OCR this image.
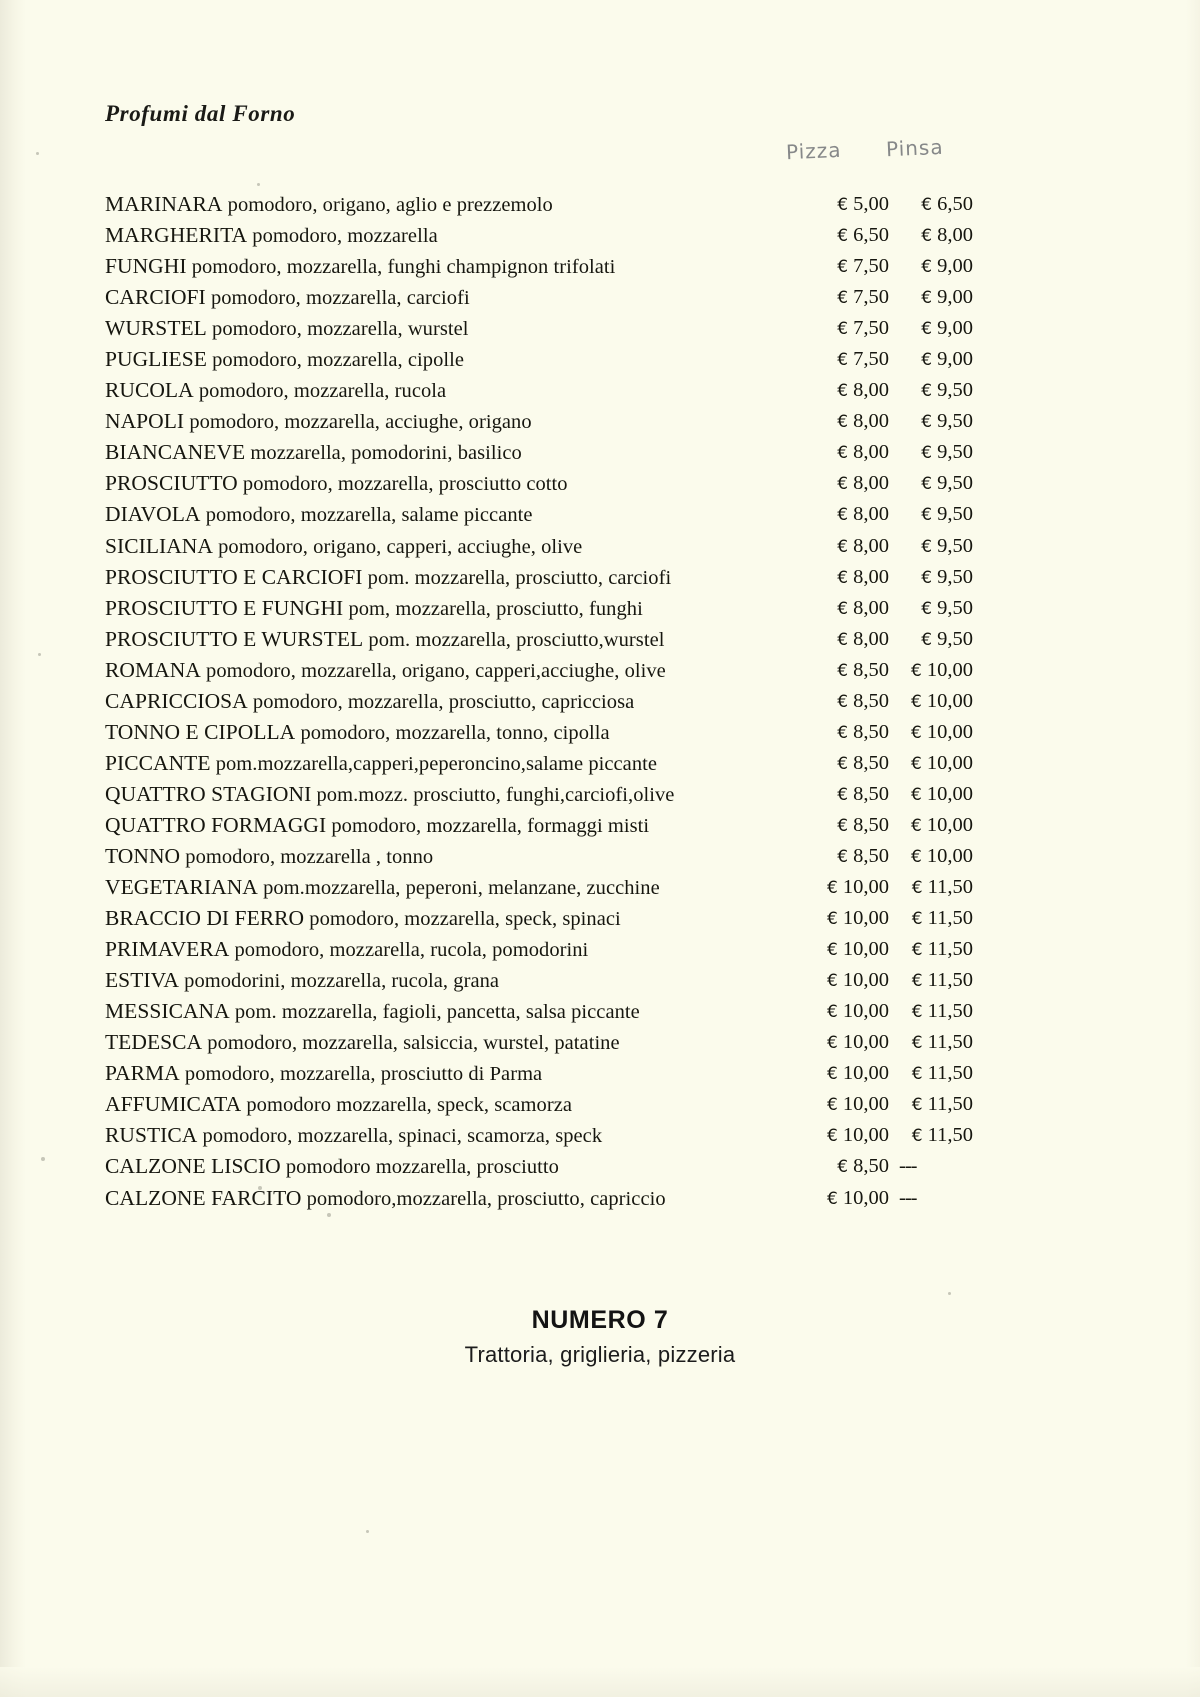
Profumi dal Forno
Pizza Pinsa
MARINARA pomodoro, origano, aglio e prezzemolo	€ 5,00	€ 6,50
MARGHERITA pomodoro, mozzarella	€ 6,50	€ 8,00
FUNGHI pomodoro, mozzarella, funghi champignon trifolati	€ 7,50	€ 9,00
CARCIOFI pomodoro, mozzarella, carciofi	€ 7,50	€ 9,00
WURSTEL pomodoro, mozzarella, wurstel	€ 7,50	€ 9,00
PUGLIESE pomodoro, mozzarella, cipolle	€ 7,50	€ 9,00
RUCOLA pomodoro, mozzarella, rucola	€ 8,00	€ 9,50
NAPOLI pomodoro, mozzarella, acciughe, origano	€ 8,00	€ 9,50
BIANCANEVE mozzarella, pomodorini, basilico	€ 8,00	€ 9,50
PROSCIUTTO pomodoro, mozzarella, prosciutto cotto	€ 8,00	€ 9,50
DIAVOLA pomodoro, mozzarella, salame piccante	€ 8,00	€ 9,50
SICILIANA pomodoro, origano, capperi, acciughe, olive	€ 8,00	€ 9,50
PROSCIUTTO E CARCIOFI pom. mozzarella, prosciutto, carciofi	€ 8,00	€ 9,50
PROSCIUTTO E FUNGHI pom, mozzarella, prosciutto, funghi	€ 8,00	€ 9,50
PROSCIUTTO E WURSTEL pom. mozzarella, prosciutto,wurstel	€ 8,00	€ 9,50
ROMANA pomodoro, mozzarella, origano, capperi,acciughe, olive	€ 8,50	€ 10,00
CAPRICCIOSA pomodoro, mozzarella, prosciutto, capricciosa	€ 8,50	€ 10,00
TONNO E CIPOLLA pomodoro, mozzarella, tonno, cipolla	€ 8,50	€ 10,00
PICCANTE pom.mozzarella,capperi,peperoncino,salame piccante	€ 8,50	€ 10,00
QUATTRO STAGIONI pom.mozz. prosciutto, funghi,carciofi,olive	€ 8,50	€ 10,00
QUATTRO FORMAGGI pomodoro, mozzarella, formaggi misti	€ 8,50	€ 10,00
TONNO pomodoro, mozzarella , tonno	€ 8,50	€ 10,00
VEGETARIANA pom.mozzarella, peperoni, melanzane, zucchine	€ 10,00	€ 11,50
BRACCIO DI FERRO pomodoro, mozzarella, speck, spinaci	€ 10,00	€ 11,50
PRIMAVERA pomodoro, mozzarella, rucola, pomodorini	€ 10,00	€ 11,50
ESTIVA pomodorini, mozzarella, rucola, grana	€ 10,00	€ 11,50
MESSICANA pom. mozzarella, fagioli, pancetta, salsa piccante	€ 10,00	€ 11,50
TEDESCA pomodoro, mozzarella, salsiccia, wurstel, patatine	€ 10,00	€ 11,50
PARMA pomodoro, mozzarella, prosciutto di Parma	€ 10,00	€ 11,50
AFFUMICATA pomodoro mozzarella, speck, scamorza	€ 10,00	€ 11,50
RUSTICA pomodoro, mozzarella, spinaci, scamorza, speck	€ 10,00	€ 11,50
CALZONE LISCIO pomodoro mozzarella, prosciutto	€ 8,50 ---
CALZONE FARCITO pomodoro,mozzarella, prosciutto, capriccio	€ 10,00 ---
NUMERO 7
Trattoria, griglieria, pizzeria
